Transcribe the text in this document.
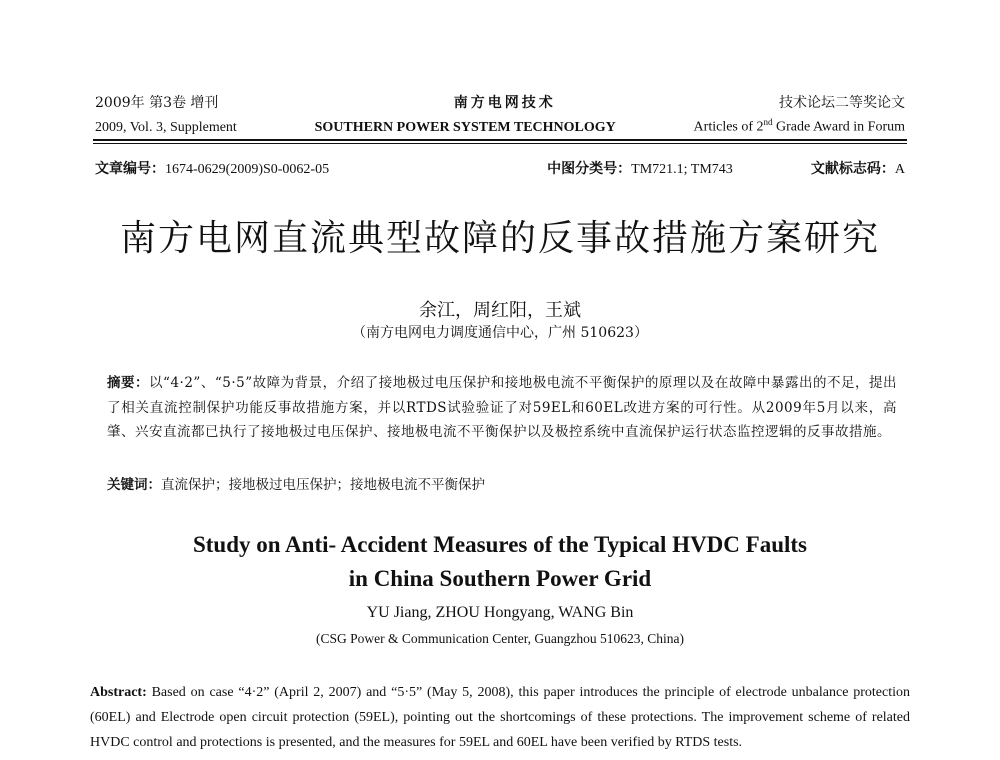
2009年 第3卷 增刊	南方电网技术	技术论坛二等奖论文
2009, Vol. 3, Supplement	SOUTHERN POWER SYSTEM TECHNOLOGY	Articles of 2nd Grade Award in Forum
文章编号：1674-0629(2009)S0-0062-05	中图分类号：TM721.1; TM743	文献标志码：A
南方电网直流典型故障的反事故措施方案研究
余江，周红阳，王斌
（南方电网电力调度通信中心，广州 510623）
摘要：以“4·2”、“5·5”故障为背景，介绍了接地极过电压保护和接地极电流不平衡保护的原理以及在故障中暴露出的不足，提出了相关直流控制保护功能反事故措施方案，并以RTDS试验验证了对59EL和60EL改进方案的可行性。从2009年5月以来，高肇、兴安直流都已执行了接地极过电压保护、接地极电流不平衡保护以及极控系统中直流保护运行状态监控逻辑的反事故措施。
关键词：直流保护；接地极过电压保护；接地极电流不平衡保护
Study on Anti- Accident Measures of the Typical HVDC Faults
in China Southern Power Grid
YU Jiang, ZHOU Hongyang, WANG Bin
(CSG Power & Communication Center, Guangzhou 510623, China)
Abstract: Based on case “4·2” (April 2, 2007) and “5·5” (May 5, 2008), this paper introduces the principle of electrode unbalance protection (60EL) and Electrode open circuit protection (59EL), pointing out the shortcomings of these protections. The improvement scheme of related HVDC control and protections is presented, and the measures for 59EL and 60EL have been verified by RTDS tests.
